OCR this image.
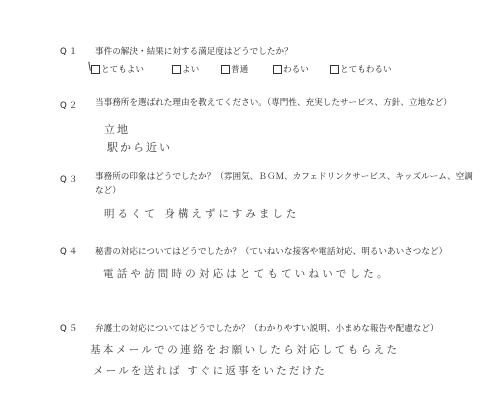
Q１ 事件の解決・結果に対する満足度はどうでしたか？
とてもよい	よい	普通	わるい	とてもわるい
Q２ 当事務所を選ばれた理由を教えてください。（専門性、充実したサービス、方針、立地など）
立地
駅から近い
Q３ 事務所の印象はどうでしたか？（雰囲気、ＢＧＭ、カフェドリンクサービス、キッズルーム、空調など）
明るくて 身構えずにすみました
Q４ 秘書の対応についてはどうでしたか？（ていねいな接客や電話対応、明るいあいさつなど）
電話や訪問時の対応はとてもていねいでした。
Q５ 弁護士の対応についてはどうでしたか？（わかりやすい説明、小まめな報告や配慮など）
基本メールでの連絡をお願いしたら対応してもらえた
メールを送れば すぐに返事をいただけた
